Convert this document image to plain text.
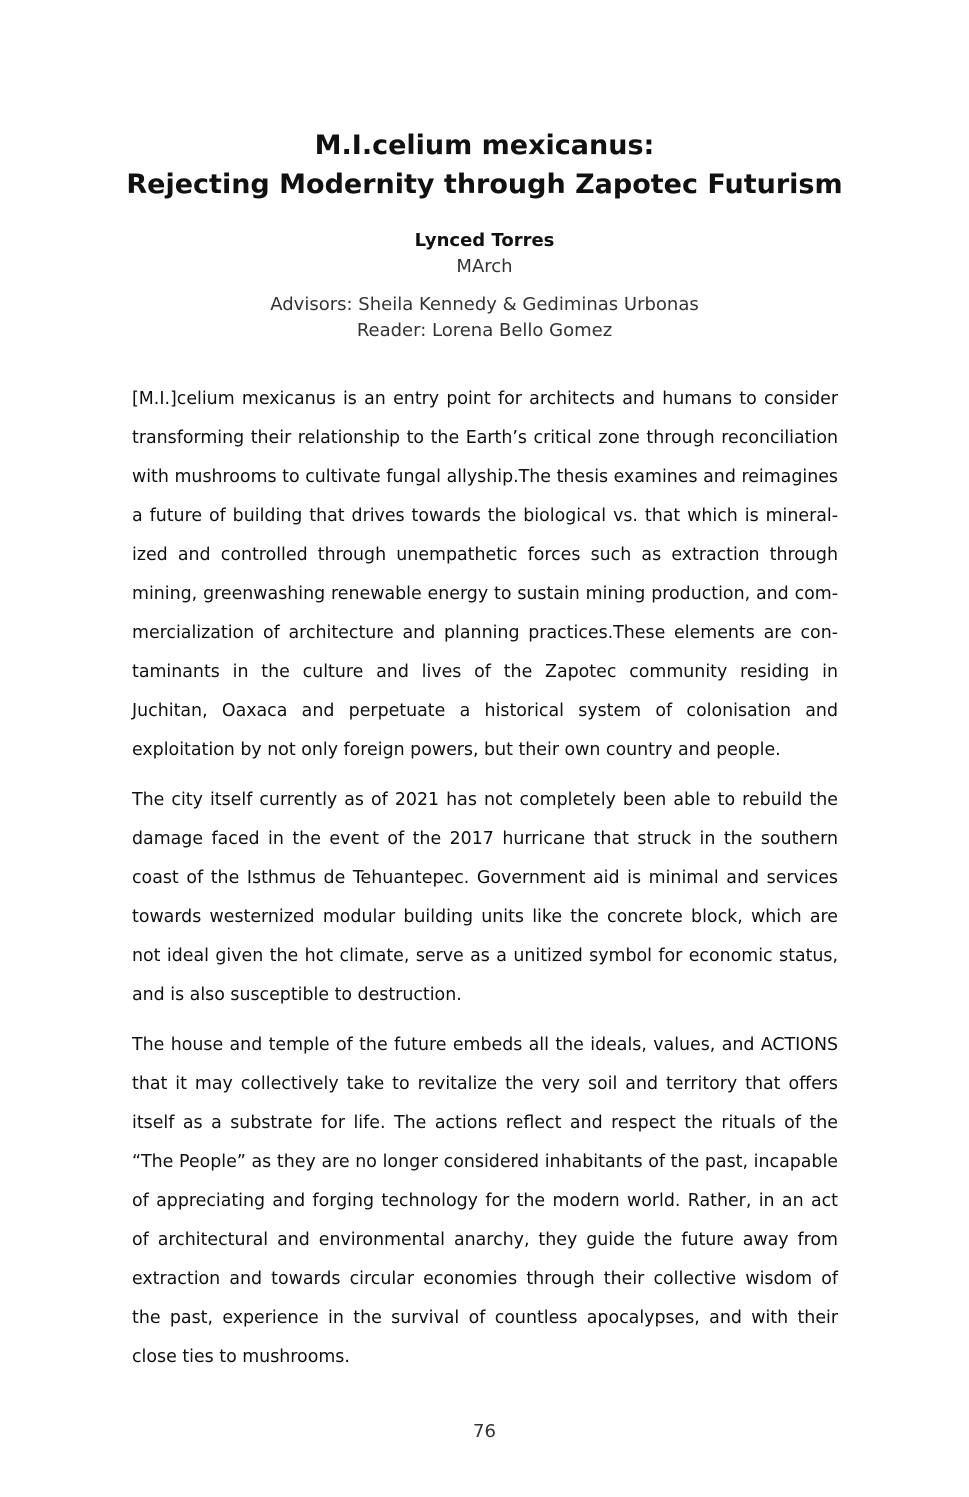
M.I.celium mexicanus:
Rejecting Modernity through Zapotec Futurism
Lynced Torres
MArch
Advisors: Sheila Kennedy & Gediminas Urbonas
Reader: Lorena Bello Gomez

[M.I.]celium mexicanus is an entry point for architects and humans to consider transforming their relationship to the Earth’s critical zone through reconciliation with mushrooms to cultivate fungal allyship.The thesis examines and reimagines a future of building that drives towards the biological vs. that which is mineralized and controlled through unempathetic forces such as extraction through mining, greenwashing renewable energy to sustain mining production, and commercialization of architecture and planning practices.These elements are contaminants in the culture and lives of the Zapotec community residing in Juchitan, Oaxaca and perpetuate a historical system of colonisation and exploitation by not only foreign powers, but their own country and people.

The city itself currently as of 2021 has not completely been able to rebuild the damage faced in the event of the 2017 hurricane that struck in the southern coast of the Isthmus de Tehuantepec. Government aid is minimal and services towards westernized modular building units like the concrete block, which are not ideal given the hot climate, serve as a unitized symbol for economic status, and is also susceptible to destruction.

The house and temple of the future embeds all the ideals, values, and ACTIONS that it may collectively take to revitalize the very soil and territory that offers itself as a substrate for life. The actions reflect and respect the rituals of the “The People” as they are no longer considered inhabitants of the past, incapable of appreciating and forging technology for the modern world. Rather, in an act of architectural and environmental anarchy, they guide the future away from extraction and towards circular economies through their collective wisdom of the past, experience in the survival of countless apocalypses, and with their close ties to mushrooms.

76
